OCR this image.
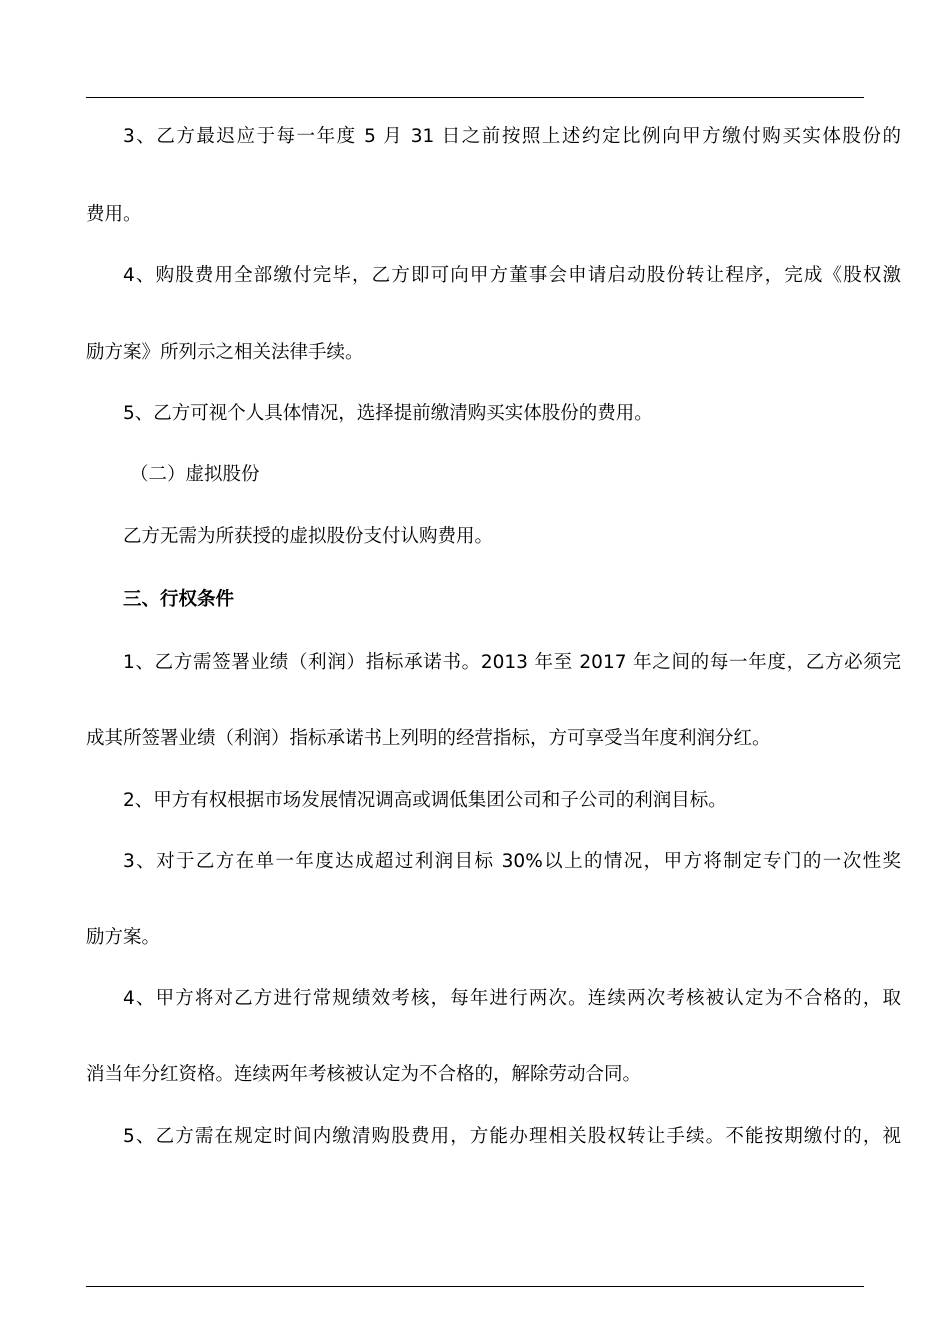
3、乙方最迟应于每一年度 5 月 31 日之前按照上述约定比例向甲方缴付购买实体股份的
费用。
4、购股费用全部缴付完毕，乙方即可向甲方董事会申请启动股份转让程序，完成《股权激
励方案》所列示之相关法律手续。
5、乙方可视个人具体情况，选择提前缴清购买实体股份的费用。
（二）虚拟股份
乙方无需为所获授的虚拟股份支付认购费用。
三、行权条件
1、乙方需签署业绩（利润）指标承诺书。2013 年至 2017 年之间的每一年度，乙方必须完
成其所签署业绩（利润）指标承诺书上列明的经营指标，方可享受当年度利润分红。
2、甲方有权根据市场发展情况调高或调低集团公司和子公司的利润目标。
3、对于乙方在单一年度达成超过利润目标 30%以上的情况，甲方将制定专门的一次性奖
励方案。
4、甲方将对乙方进行常规绩效考核，每年进行两次。连续两次考核被认定为不合格的，取
消当年分红资格。连续两年考核被认定为不合格的，解除劳动合同。
5、乙方需在规定时间内缴清购股费用，方能办理相关股权转让手续。不能按期缴付的，视
